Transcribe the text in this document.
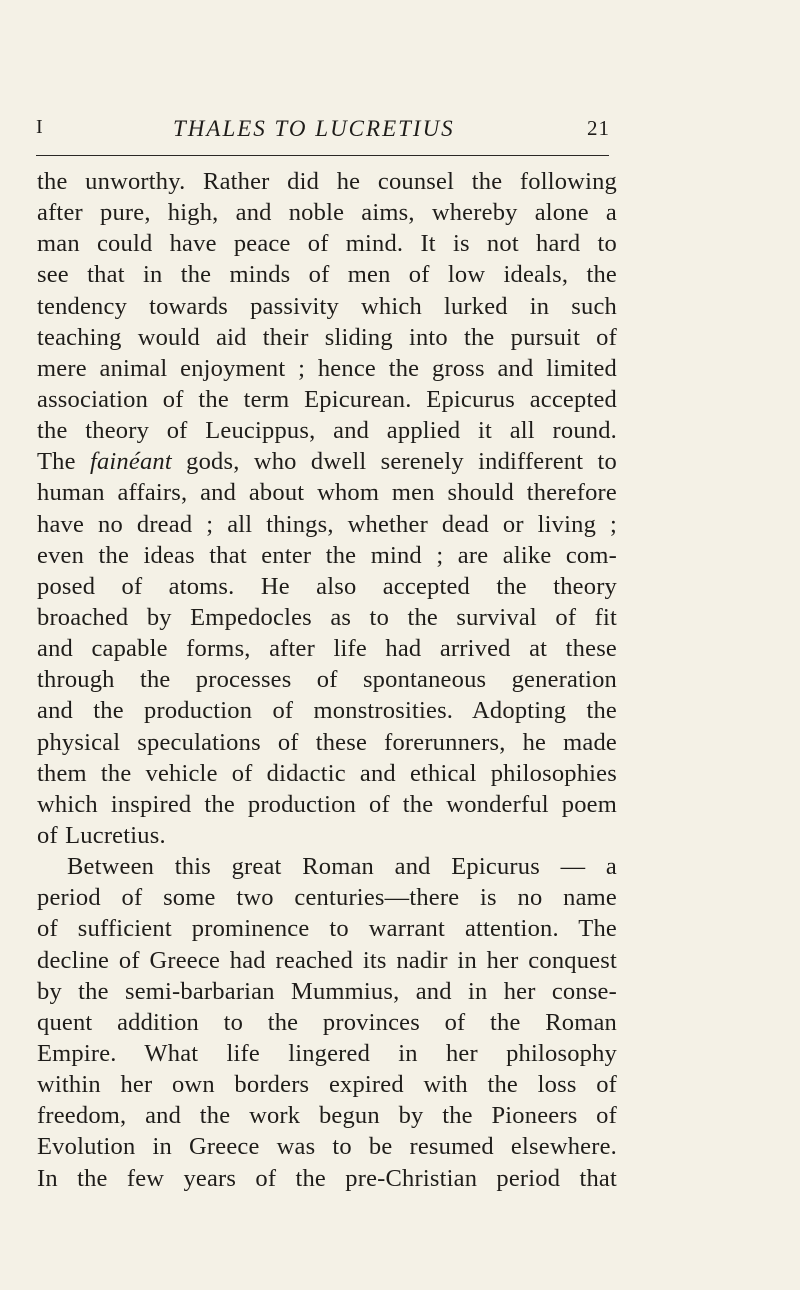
I	THALES TO LUCRETIUS	21
the unworthy. Rather did he counsel the following
after pure, high, and noble aims, whereby alone a
man could have peace of mind. It is not hard to
see that in the minds of men of low ideals, the
tendency towards passivity which lurked in such
teaching would aid their sliding into the pursuit of
mere animal enjoyment ; hence the gross and limited
association of the term Epicurean. Epicurus accepted
the theory of Leucippus, and applied it all round.
The fainéant gods, who dwell serenely indifferent to
human affairs, and about whom men should therefore
have no dread ; all things, whether dead or living ;
even the ideas that enter the mind ; are alike com-
posed of atoms. He also accepted the theory
broached by Empedocles as to the survival of fit
and capable forms, after life had arrived at these
through the processes of spontaneous generation
and the production of monstrosities. Adopting the
physical speculations of these forerunners, he made
them the vehicle of didactic and ethical philosophies
which inspired the production of the wonderful poem
of Lucretius.
Between this great Roman and Epicurus — a
period of some two centuries—there is no name
of sufficient prominence to warrant attention. The
decline of Greece had reached its nadir in her conquest
by the semi-barbarian Mummius, and in her conse-
quent addition to the provinces of the Roman
Empire. What life lingered in her philosophy
within her own borders expired with the loss of
freedom, and the work begun by the Pioneers of
Evolution in Greece was to be resumed elsewhere.
In the few years of the pre-Christian period that
